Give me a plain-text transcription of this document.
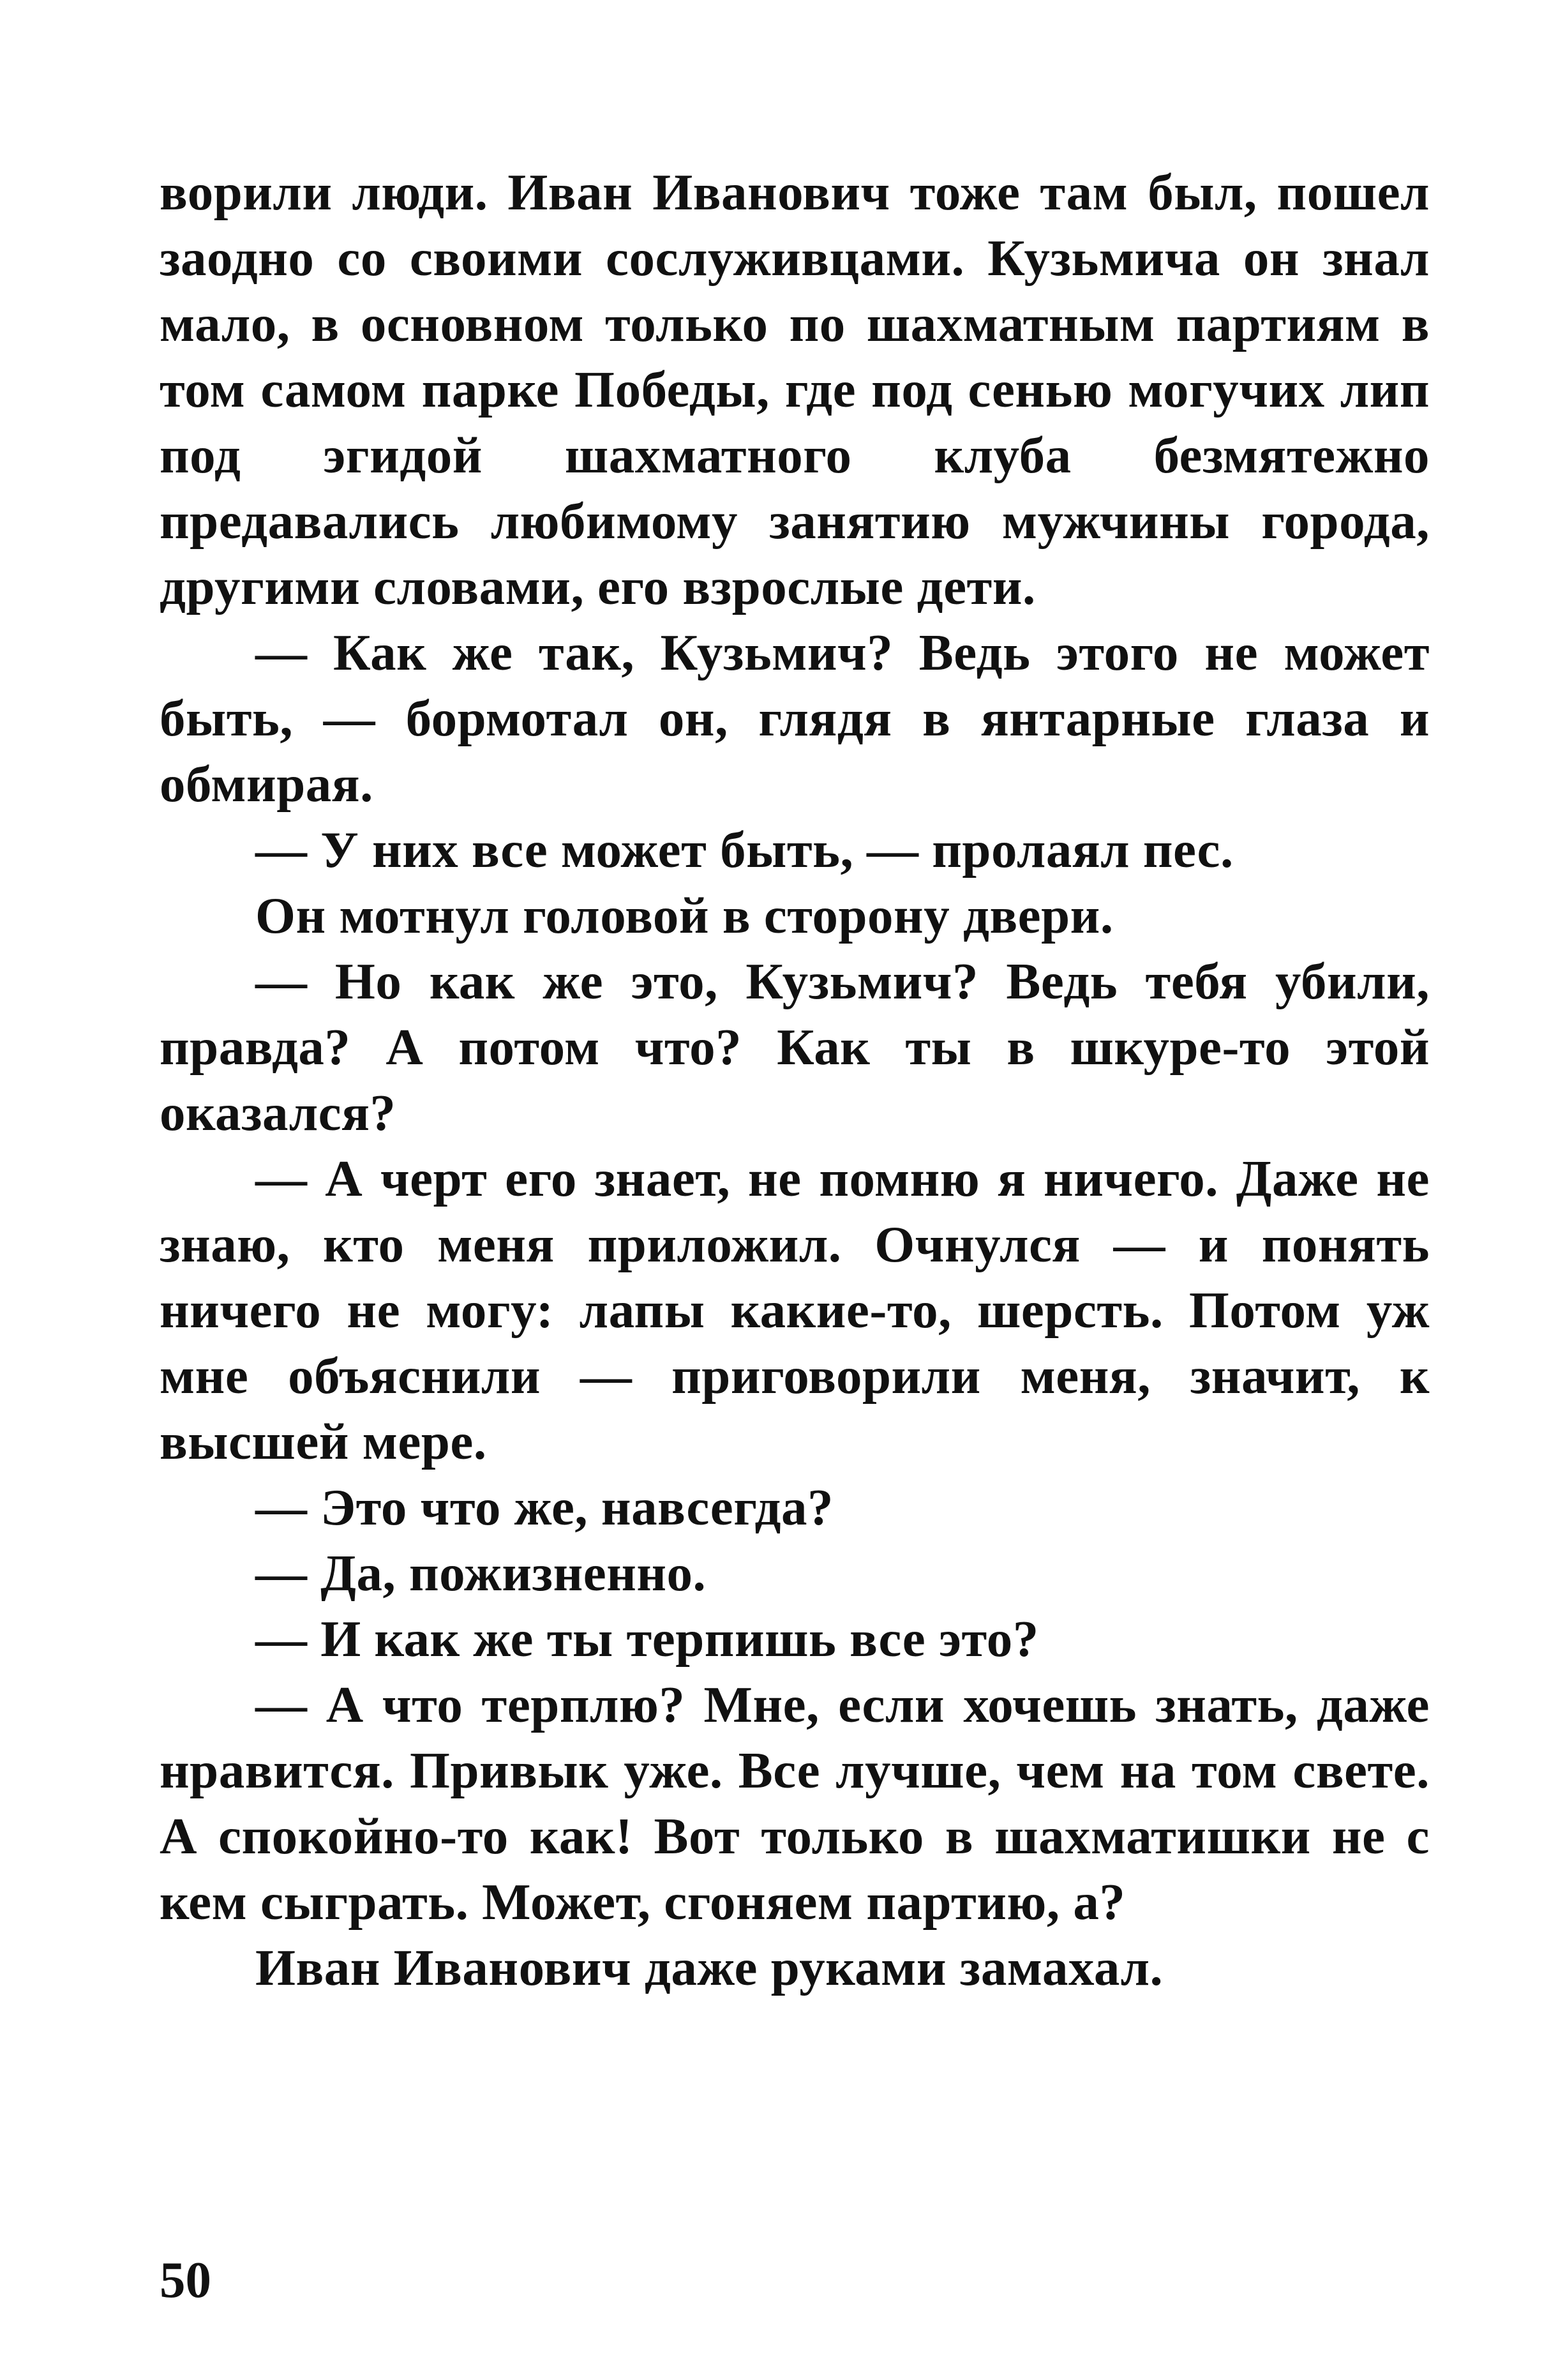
ворили люди. Иван Иванович тоже там был, пошел заодно со своими сослуживцами. Кузьмича он знал мало, в основном только по шахматным партиям в том самом парке Победы, где под сенью могучих лип под эгидой шахматного клуба безмятежно предавались любимому занятию мужчины города, другими словами, его взрослые дети.

— Как же так, Кузьмич? Ведь этого не может быть, — бормотал он, глядя в янтарные глаза и обмирая.

— У них все может быть, — пролаял пес.

Он мотнул головой в сторону двери.

— Но как же это, Кузьмич? Ведь тебя убили, правда? А потом что? Как ты в шкуре-то этой оказался?

— А черт его знает, не помню я ничего. Даже не знаю, кто меня приложил. Очнулся — и понять ничего не могу: лапы какие-то, шерсть. Потом уж мне объяснили — приговорили меня, значит, к высшей мере.

— Это что же, навсегда?

— Да, пожизненно.

— И как же ты терпишь все это?

— А что терплю? Мне, если хочешь знать, даже нравится. Привык уже. Все лучше, чем на том свете. А спокойно-то как! Вот только в шахматишки не с кем сыграть. Может, сгоняем партию, а?

Иван Иванович даже руками замахал.

50
